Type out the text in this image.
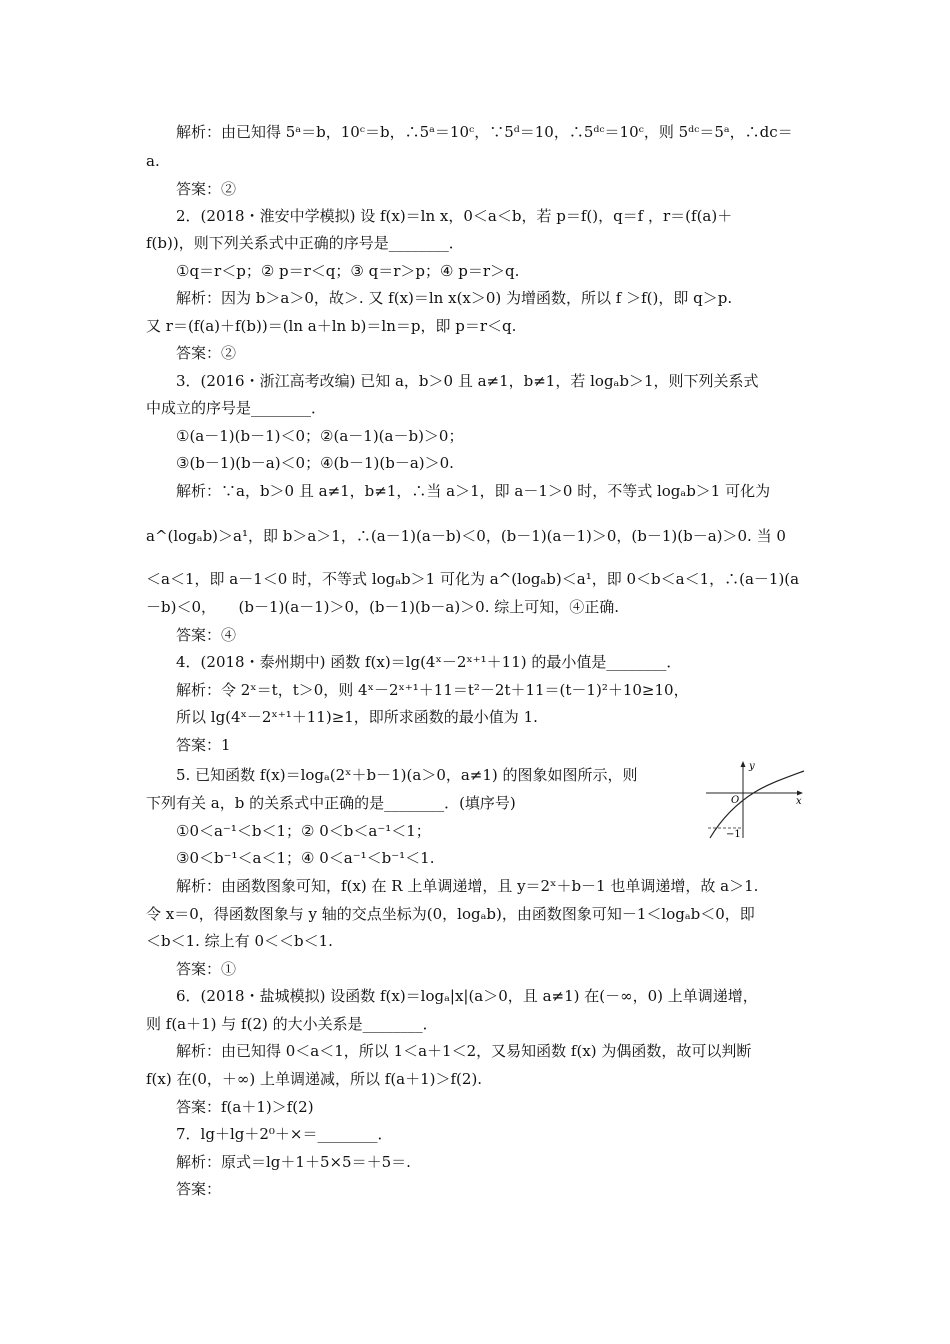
解析：由已知得 5ᵃ＝b，10ᶜ＝b，∴5ᵃ＝10ᶜ，∵5ᵈ＝10，∴5ᵈᶜ＝10ᶜ，则 5ᵈᶜ＝5ᵃ，∴dc＝
a.
答案：②
2．(2018・淮安中学模拟) 设 f(x)＝ln x，0＜a＜b，若 p＝f()，q＝f ，r＝(f(a)＋
f(b))，则下列关系式中正确的序号是________．
①q＝r＜p；② p＝r＜q；③ q＝r＞p；④ p＝r＞q.
解析：因为 b＞a＞0，故＞. 又 f(x)＝ln x(x＞0) 为增函数，所以 f ＞f()，即 q＞p.
又 r＝(f(a)＋f(b))＝(ln a＋ln b)＝ln＝p，即 p＝r＜q.
答案：②
3．(2016・浙江高考改编) 已知 a，b＞0 且 a≠1，b≠1，若 logₐb＞1，则下列关系式
中成立的序号是________．
①(a－1)(b－1)＜0；②(a－1)(a－b)＞0；
③(b－1)(b－a)＜0；④(b－1)(b－a)＞0.
解析：∵a，b＞0 且 a≠1，b≠1，∴当 a＞1，即 a－1＞0 时，不等式 logₐb＞1 可化为
a^(logₐb)＞a¹，即 b＞a＞1，∴(a－1)(a－b)＜0，(b－1)(a－1)＞0，(b－1)(b－a)＞0. 当 0
＜a＜1，即 a－1＜0 时，不等式 logₐb＞1 可化为 a^(logₐb)＜a¹，即 0＜b＜a＜1，∴(a－1)(a
－b)＜0，　　(b－1)(a－1)＞0，(b－1)(b－a)＞0. 综上可知，④正确.
答案：④
4．(2018・泰州期中) 函数 f(x)＝lg(4ˣ－2ˣ⁺¹＋11) 的最小值是________．
解析：令 2ˣ＝t，t＞0，则 4ˣ－2ˣ⁺¹＋11＝t²－2t＋11＝(t－1)²＋10≥10，
所以 lg(4ˣ－2ˣ⁺¹＋11)≥1，即所求函数的最小值为 1.
答案：1
5. 已知函数 f(x)＝logₐ(2ˣ＋b－1)(a＞0，a≠1) 的图象如图所示，则
下列有关 a，b 的关系式中正确的是________．(填序号)
①0＜a⁻¹＜b＜1；② 0＜b＜a⁻¹＜1；
③0＜b⁻¹＜a＜1；④ 0＜a⁻¹＜b⁻¹＜1.
解析：由函数图象可知，f(x) 在 R 上单调递增，且 y＝2ˣ＋b－1 也单调递增，故 a＞1.
令 x＝0，得函数图象与 y 轴的交点坐标为(0，logₐb)，由函数图象可知－1＜logₐb＜0，即
＜b＜1. 综上有 0＜＜b＜1.
答案：①
6．(2018・盐城模拟) 设函数 f(x)＝logₐ|x|(a＞0，且 a≠1) 在(－∞，0) 上单调递增，
则 f(a＋1) 与 f(2) 的大小关系是________．
解析：由已知得 0＜a＜1，所以 1＜a＋1＜2，又易知函数 f(x) 为偶函数，故可以判断
f(x) 在(0，＋∞) 上单调递减，所以 f(a＋1)＞f(2).
答案：f(a＋1)＞f(2)
7．lg＋lg＋2⁰＋×＝________．
解析：原式＝lg＋1＋5×5＝＋5＝.
答案：
y
x
O
−1
